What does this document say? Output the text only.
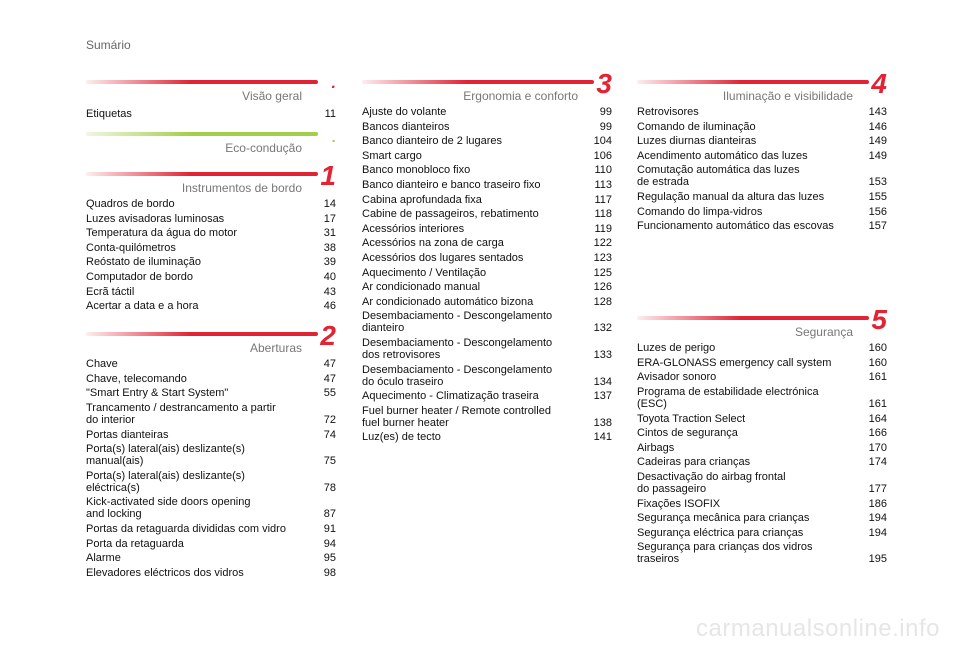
Sumário
Visão geral
.
Etiquetas	11
Eco-condução
.
Instrumentos de bordo 1
Quadros de bordo	14
Luzes avisadoras luminosas	17
Temperatura da água do motor	31
Conta-quilómetros	38
Reóstato de iluminação	39
Computador de bordo	40
Ecrã táctil	43
Acertar a data e a hora	46
Aberturas 2
Chave	47
Chave, telecomando	47
"Smart Entry & Start System"	55
Trancamento / destrancamento a partir
do interior	72
Portas dianteiras	74
Porta(s) lateral(ais) deslizante(s)
manual(ais)	75
Porta(s) lateral(ais) deslizante(s)
eléctrica(s)	78
Kick-activated side doors opening
and locking	87
Portas da retaguarda divididas com vidro	91
Porta da retaguarda	94
Alarme	95
Elevadores eléctricos dos vidros	98
Ergonomia e conforto 3
Ajuste do volante	99
Bancos dianteiros	99
Banco dianteiro de 2 lugares	104
Smart cargo	106
Banco monobloco fixo	110
Banco dianteiro e banco traseiro fixo	113
Cabina aprofundada fixa	117
Cabine de passageiros, rebatimento	118
Acessórios interiores	119
Acessórios na zona de carga	122
Acessórios dos lugares sentados	123
Aquecimento / Ventilação	125
Ar condicionado manual	126
Ar condicionado automático bizona	128
Desembaciamento - Descongelamento
dianteiro	132
Desembaciamento - Descongelamento
dos retrovisores	133
Desembaciamento - Descongelamento
do óculo traseiro	134
Aquecimento - Climatização traseira	137
Fuel burner heater / Remote controlled
fuel burner heater	138
Luz(es) de tecto	141
Iluminação e visibilidade 4
Retrovisores	143
Comando de iluminação	146
Luzes diurnas dianteiras	149
Acendimento automático das luzes	149
Comutação automática das luzes
de estrada	153
Regulação manual da altura das luzes	155
Comando do limpa-vidros	156
Funcionamento automático das escovas	157
Segurança 5
Luzes de perigo	160
ERA-GLONASS emergency call system	160
Avisador sonoro	161
Programa de estabilidade electrónica
(ESC)	161
Toyota Traction Select	164
Cintos de segurança	166
Airbags	170
Cadeiras para crianças	174
Desactivação do airbag frontal
do passageiro	177
Fixações ISOFIX	186
Segurança mecânica para crianças	194
Segurança eléctrica para crianças	194
Segurança para crianças dos vidros
traseiros	195
carmanualsonline.info
